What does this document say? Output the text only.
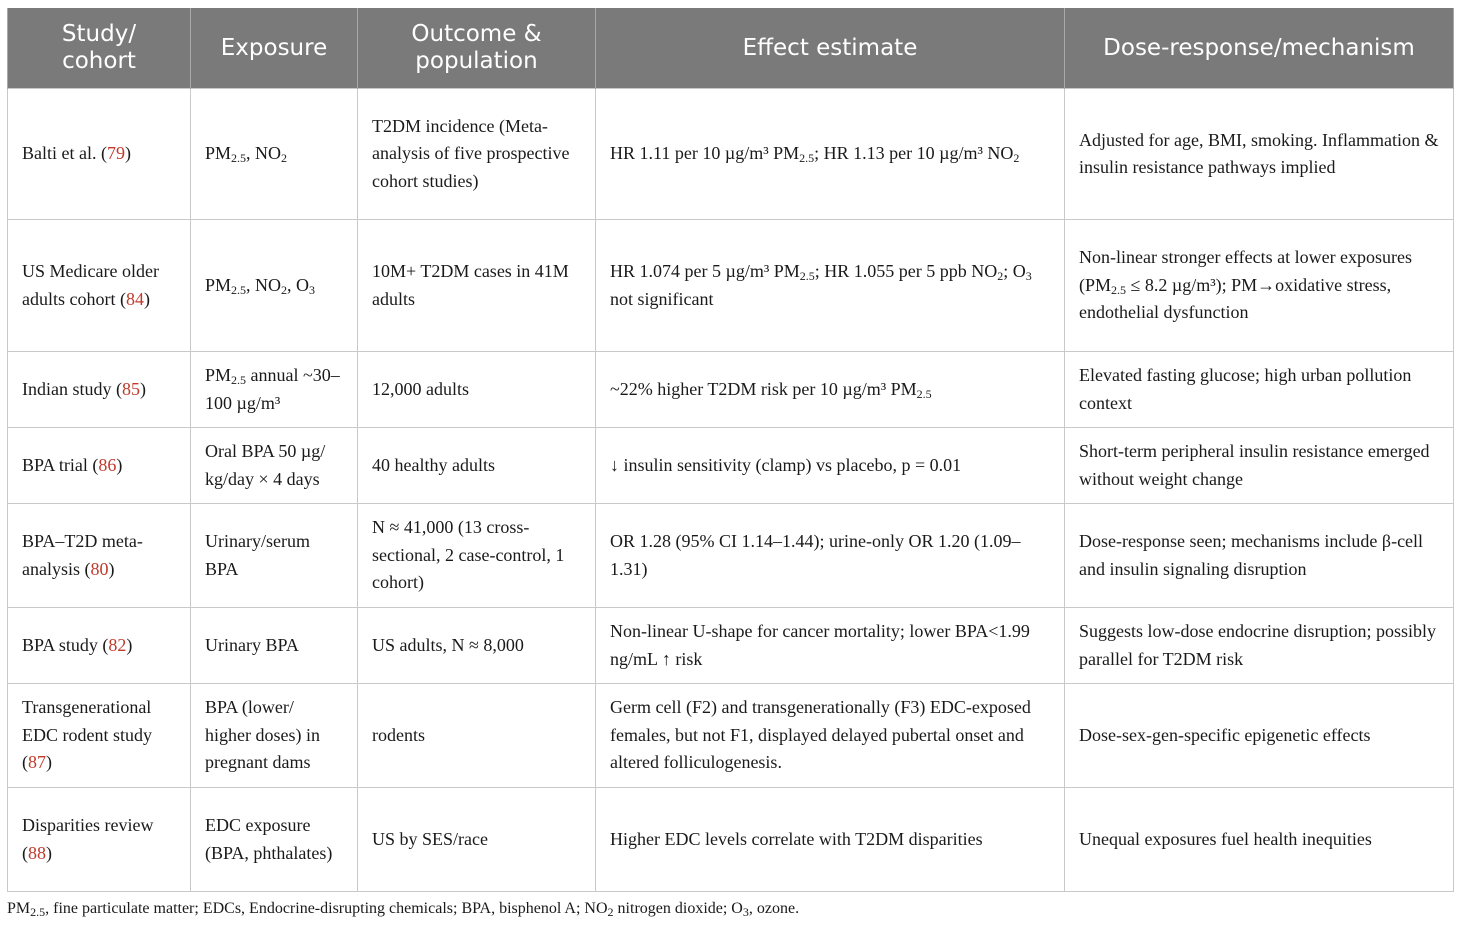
Study/ cohort	Exposure	Outcome & population	Effect estimate	Dose-response/mechanism
Balti et al. (79)	$PM_{2.5}$, $NO_2$	T2DM incidence (Meta-analysis of five prospective cohort studies)	HR 1.11 per 10 µg/m³ $PM_{2.5}$; HR 1.13 per 10 µg/m³ $NO_2$	Adjusted for age, BMI, smoking. Inflammation & insulin resistance pathways implied
US Medicare older adults cohort (84)	$PM_{2.5}$, $NO_2$, $O_3$	10M+ T2DM cases in 41M adults	HR 1.074 per 5 µg/m³ $PM_{2.5}$; HR 1.055 per 5 ppb $NO_2$; $O_3$ not significant	Non-linear stronger effects at lower exposures ($PM_{2.5} \le 8.2$ µg/m³); PM→oxidative stress, endothelial dysfunction
Indian study (85)	$PM_{2.5}$ annual ~30–100 µg/m³	12,000 adults	~22% higher T2DM risk per 10 µg/m³ $PM_{2.5}$	Elevated fasting glucose; high urban pollution context
BPA trial (86)	Oral BPA 50 µg/ kg/day × 4 days	40 healthy adults	↓ insulin sensitivity (clamp) vs placebo, p = 0.01	Short-term peripheral insulin resistance emerged without weight change
BPA–T2D meta-analysis (80)	Urinary/serum BPA	N ≈ 41,000 (13 cross-sectional, 2 case-control, 1 cohort)	OR 1.28 (95% CI 1.14–1.44); urine-only OR 1.20 (1.09–1.31)	Dose-response seen; mechanisms include β-cell and insulin signaling disruption
BPA study (82)	Urinary BPA	US adults, N ≈ 8,000	Non-linear U-shape for cancer mortality; lower BPA<1.99 ng/mL ↑ risk	Suggests low-dose endocrine disruption; possibly parallel for T2DM risk
Transgenerational EDC rodent study (87)	BPA (lower/ higher doses) in pregnant dams	rodents	Germ cell (F2) and transgenerationally (F3) EDC-exposed females, but not F1, displayed delayed pubertal onset and altered folliculogenesis.	Dose-sex-gen-specific epigenetic effects
Disparities review (88)	EDC exposure (BPA, phthalates)	US by SES/race	Higher EDC levels correlate with T2DM disparities	Unequal exposures fuel health inequities
$PM_{2.5}$, fine particulate matter; EDCs, Endocrine-disrupting chemicals; BPA, bisphenol A; $NO_2$ nitrogen dioxide; $O_3$, ozone.
